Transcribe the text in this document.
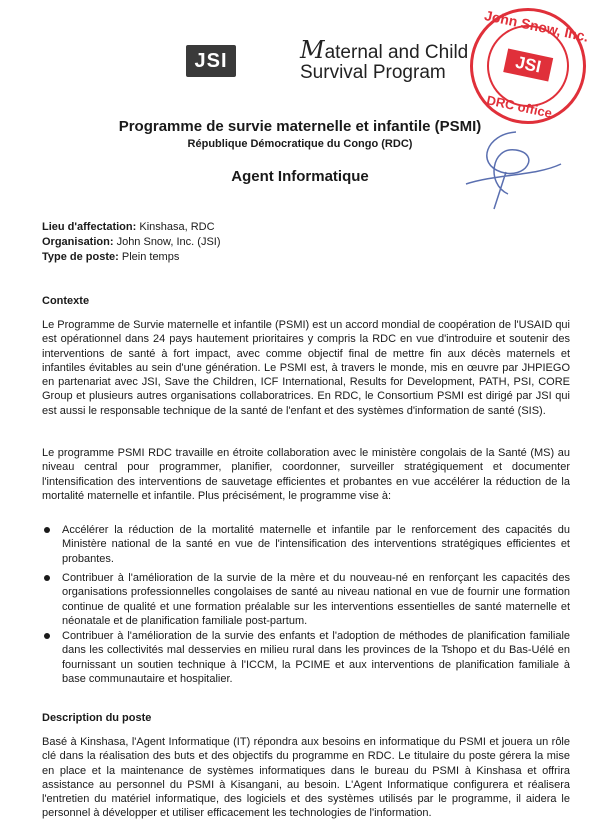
JSI	Maternal and Child
Survival Program
John Snow, Inc.
JSI
DRC office
Programme de survie maternelle et infantile (PSMI)
République Démocratique du Congo (RDC)
Agent Informatique
Lieu d'affectation: Kinshasa, RDC
Organisation: John Snow, Inc. (JSI)
Type de poste: Plein temps
Contexte

Le Programme de Survie maternelle et infantile (PSMI) est un accord mondial de coopération de l'USAID qui est opérationnel dans 24 pays hautement prioritaires y compris la RDC en vue d'introduire et soutenir des interventions de santé à fort impact, avec comme objectif final de mettre fin aux décès maternels et infantiles évitables au sein d'une génération. Le PSMI est, à travers le monde, mis en œuvre par JHPIEGO en partenariat avec JSI, Save the Children, ICF International, Results for Development, PATH, PSI, CORE Group et plusieurs autres organisations collaboratrices. En RDC, le Consortium PSMI est dirigé par JSI qui est aussi le responsable technique de la santé de l'enfant et des systèmes d'information de santé (SIS).

Le programme PSMI RDC travaille en étroite collaboration avec le ministère congolais de la Santé (MS) au niveau central pour programmer, planifier, coordonner, surveiller stratégiquement et documenter l'intensification des interventions de sauvetage efficientes et probantes en vue accélérer la réduction de la mortalité maternelle et infantile. Plus précisément, le programme vise à:

Accélérer la réduction de la mortalité maternelle et infantile par le renforcement des capacités du Ministère national de la santé en vue de l'intensification des interventions stratégiques efficientes et probantes.
Contribuer à l'amélioration de la survie de la mère et du nouveau-né en renforçant les capacités des organisations professionnelles congolaises de santé au niveau national en vue de fournir une formation continue de qualité et une formation préalable sur les interventions essentielles de santé maternelle et néonatale et de planification familiale post-partum.
Contribuer à l'amélioration de la survie des enfants et l'adoption de méthodes de planification familiale dans les collectivités mal desservies en milieu rural dans les provinces de la Tshopo et du Bas-Uélé en fournissant un soutien technique à l'ICCM, la PCIME et aux interventions de planification familiale à base communautaire et hospitalier.
Description du poste

Basé à Kinshasa, l'Agent Informatique (IT) répondra aux besoins en informatique du PSMI et jouera un rôle clé dans la réalisation des buts et des objectifs du programme en RDC. Le titulaire du poste gérera la mise en place et la maintenance de systèmes informatiques dans le bureau du PSMI à Kinshasa et offrira assistance au personnel du PSMI à Kisangani, au besoin. L'Agent Informatique configurera et réalisera l'entretien du matériel informatique, des logiciels et des systèmes utilisés par le programme, il aidera le personnel à développer et utiliser efficacement les technologies de l'information.
